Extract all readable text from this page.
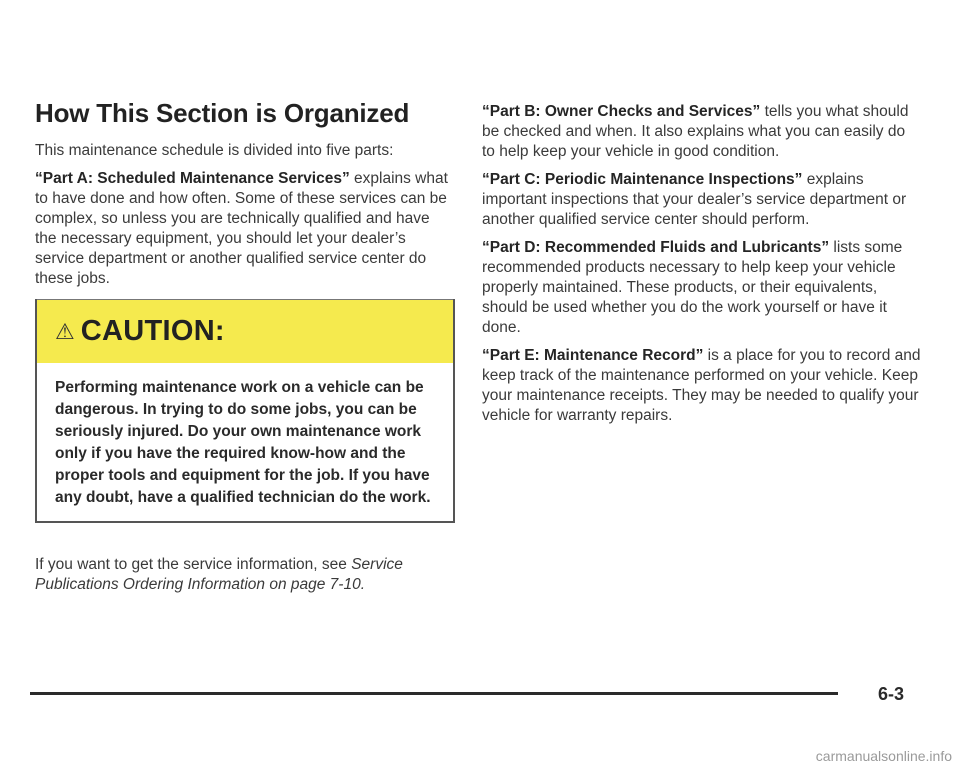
How This Section is Organized

This maintenance schedule is divided into five parts:

“Part A: Scheduled Maintenance Services” explains what to have done and how often. Some of these services can be complex, so unless you are technically qualified and have the necessary equipment, you should let your dealer’s service department or another qualified service center do these jobs.

⚠ CAUTION:
Performing maintenance work on a vehicle can be dangerous. In trying to do some jobs, you can be seriously injured. Do your own maintenance work only if you have the required know-how and the proper tools and equipment for the job. If you have any doubt, have a qualified technician do the work.

If you want to get the service information, see Service Publications Ordering Information on page 7-10.

“Part B: Owner Checks and Services” tells you what should be checked and when. It also explains what you can easily do to help keep your vehicle in good condition.

“Part C: Periodic Maintenance Inspections” explains important inspections that your dealer’s service department or another qualified service center should perform.

“Part D: Recommended Fluids and Lubricants” lists some recommended products necessary to help keep your vehicle properly maintained. These products, or their equivalents, should be used whether you do the work yourself or have it done.

“Part E: Maintenance Record” is a place for you to record and keep track of the maintenance performed on your vehicle. Keep your maintenance receipts. They may be needed to qualify your vehicle for warranty repairs.

6-3
carmanualsonline.info
